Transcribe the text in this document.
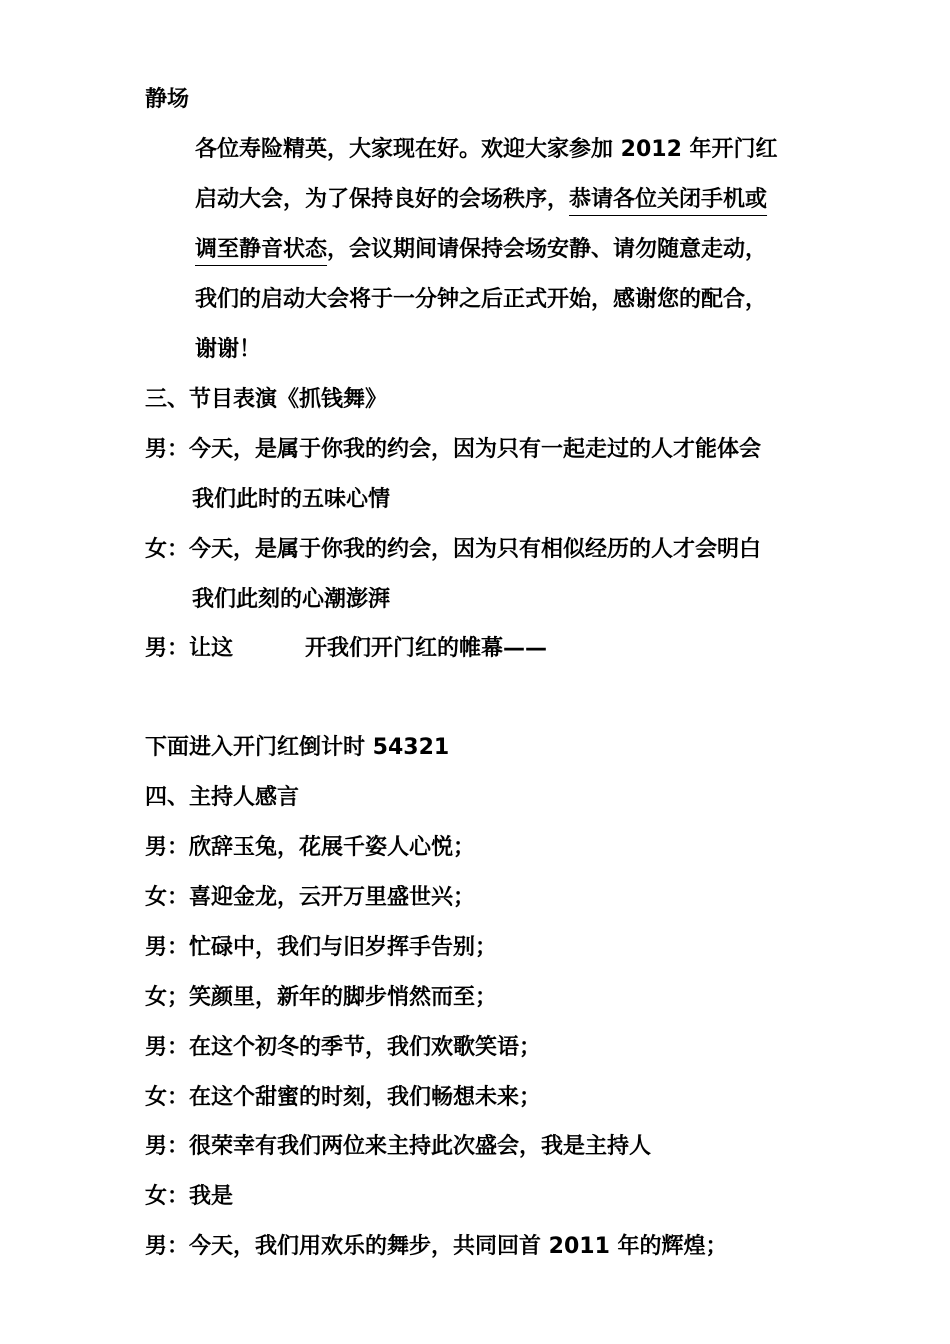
静场
各位寿险精英，大家现在好。欢迎大家参加 2012 年开门红
启动大会，为了保持良好的会场秩序，恭请各位关闭手机或
调至静音状态，会议期间请保持会场安静、请勿随意走动，
我们的启动大会将于一分钟之后正式开始，感谢您的配合，
谢谢！
三、节目表演《抓钱舞》
男：今天，是属于你我的约会，因为只有一起走过的人才能体会
我们此时的五味心情
女：今天，是属于你我的约会，因为只有相似经历的人才会明白
我们此刻的心潮澎湃
男：让这	开我们开门红的帷幕——
下面进入开门红倒计时 54321
四、主持人感言
男：欣辞玉兔，花展千姿人心悦；
女：喜迎金龙，云开万里盛世兴；
男：忙碌中，我们与旧岁挥手告别；
女；笑颜里，新年的脚步悄然而至；
男：在这个初冬的季节，我们欢歌笑语；
女：在这个甜蜜的时刻，我们畅想未来；
男：很荣幸有我们两位来主持此次盛会，我是主持人
女：我是
男：今天，我们用欢乐的舞步，共同回首 2011 年的辉煌；
